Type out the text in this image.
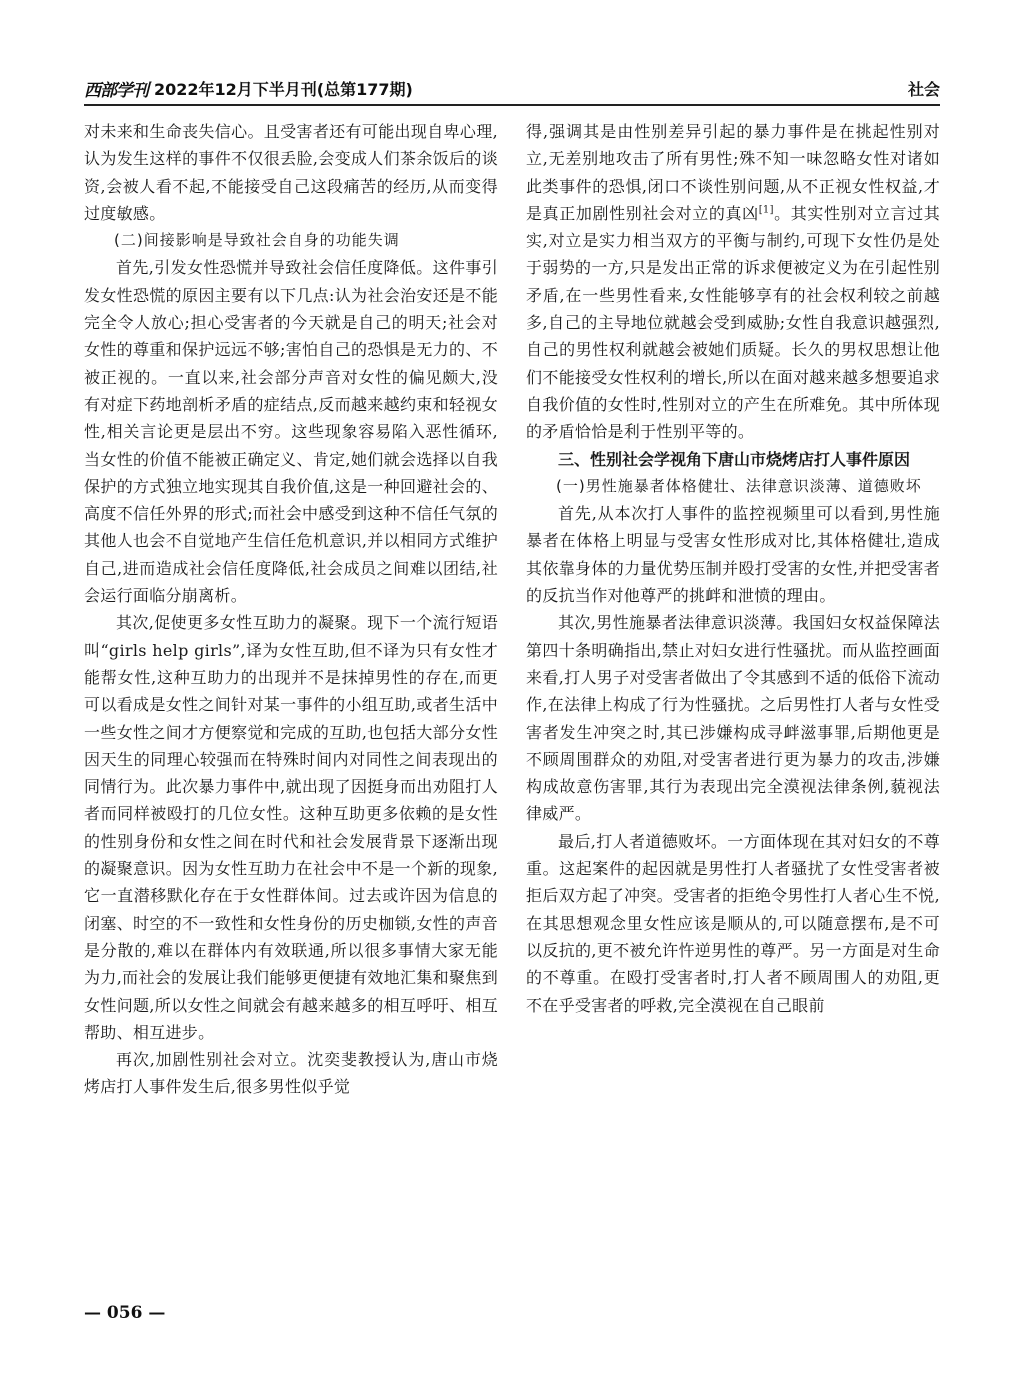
西部学刊 2022年12月下半月刊(总第177期)	社会

对未来和生命丧失信心。且受害者还有可能出现自卑心理,认为发生这样的事件不仅很丢脸,会变成人们茶余饭后的谈资,会被人看不起,不能接受自己这段痛苦的经历,从而变得过度敏感。

(二)间接影响是导致社会自身的功能失调

首先,引发女性恐慌并导致社会信任度降低。这件事引发女性恐慌的原因主要有以下几点:认为社会治安还是不能完全令人放心;担心受害者的今天就是自己的明天;社会对女性的尊重和保护远远不够;害怕自己的恐惧是无力的、不被正视的。一直以来,社会部分声音对女性的偏见颇大,没有对症下药地剖析矛盾的症结点,反而越来越约束和轻视女性,相关言论更是层出不穷。这些现象容易陷入恶性循环,当女性的价值不能被正确定义、肯定,她们就会选择以自我保护的方式独立地实现其自我价值,这是一种回避社会的、高度不信任外界的形式;而社会中感受到这种不信任气氛的其他人也会不自觉地产生信任危机意识,并以相同方式维护自己,进而造成社会信任度降低,社会成员之间难以团结,社会运行面临分崩离析。

其次,促使更多女性互助力的凝聚。现下一个流行短语叫“girls help girls”,译为女性互助,但不译为只有女性才能帮女性,这种互助力的出现并不是抹掉男性的存在,而更可以看成是女性之间针对某一事件的小组互助,或者生活中一些女性之间才方便察觉和完成的互助,也包括大部分女性因天生的同理心较强而在特殊时间内对同性之间表现出的同情行为。此次暴力事件中,就出现了因挺身而出劝阻打人者而同样被殴打的几位女性。这种互助更多依赖的是女性的性别身份和女性之间在时代和社会发展背景下逐渐出现的凝聚意识。因为女性互助力在社会中不是一个新的现象,它一直潜移默化存在于女性群体间。过去或许因为信息的闭塞、时空的不一致性和女性身份的历史枷锁,女性的声音是分散的,难以在群体内有效联通,所以很多事情大家无能为力,而社会的发展让我们能够更便捷有效地汇集和聚焦到女性问题,所以女性之间就会有越来越多的相互呼吁、相互帮助、相互进步。

再次,加剧性别社会对立。沈奕斐教授认为,唐山市烧烤店打人事件发生后,很多男性似乎觉

得,强调其是由性别差异引起的暴力事件是在挑起性别对立,无差别地攻击了所有男性;殊不知一味忽略女性对诸如此类事件的恐惧,闭口不谈性别问题,从不正视女性权益,才是真正加剧性别社会对立的真凶[1]。其实性别对立言过其实,对立是实力相当双方的平衡与制约,可现下女性仍是处于弱势的一方,只是发出正常的诉求便被定义为在引起性别矛盾,在一些男性看来,女性能够享有的社会权利较之前越多,自己的主导地位就越会受到威胁;女性自我意识越强烈,自己的男性权利就越会被她们质疑。长久的男权思想让他们不能接受女性权利的增长,所以在面对越来越多想要追求自我价值的女性时,性别对立的产生在所难免。其中所体现的矛盾恰恰是利于性别平等的。

三、性别社会学视角下唐山市烧烤店打人事件原因

(一)男性施暴者体格健壮、法律意识淡薄、道德败坏

首先,从本次打人事件的监控视频里可以看到,男性施暴者在体格上明显与受害女性形成对比,其体格健壮,造成其依靠身体的力量优势压制并殴打受害的女性,并把受害者的反抗当作对他尊严的挑衅和泄愤的理由。

其次,男性施暴者法律意识淡薄。我国妇女权益保障法第四十条明确指出,禁止对妇女进行性骚扰。而从监控画面来看,打人男子对受害者做出了令其感到不适的低俗下流动作,在法律上构成了行为性骚扰。之后男性打人者与女性受害者发生冲突之时,其已涉嫌构成寻衅滋事罪,后期他更是不顾周围群众的劝阻,对受害者进行更为暴力的攻击,涉嫌构成故意伤害罪,其行为表现出完全漠视法律条例,藐视法律威严。

最后,打人者道德败坏。一方面体现在其对妇女的不尊重。这起案件的起因就是男性打人者骚扰了女性受害者被拒后双方起了冲突。受害者的拒绝令男性打人者心生不悦,在其思想观念里女性应该是顺从的,可以随意摆布,是不可以反抗的,更不被允许忤逆男性的尊严。另一方面是对生命的不尊重。在殴打受害者时,打人者不顾周围人的劝阻,更不在乎受害者的呼救,完全漠视在自己眼前

— 056 —
